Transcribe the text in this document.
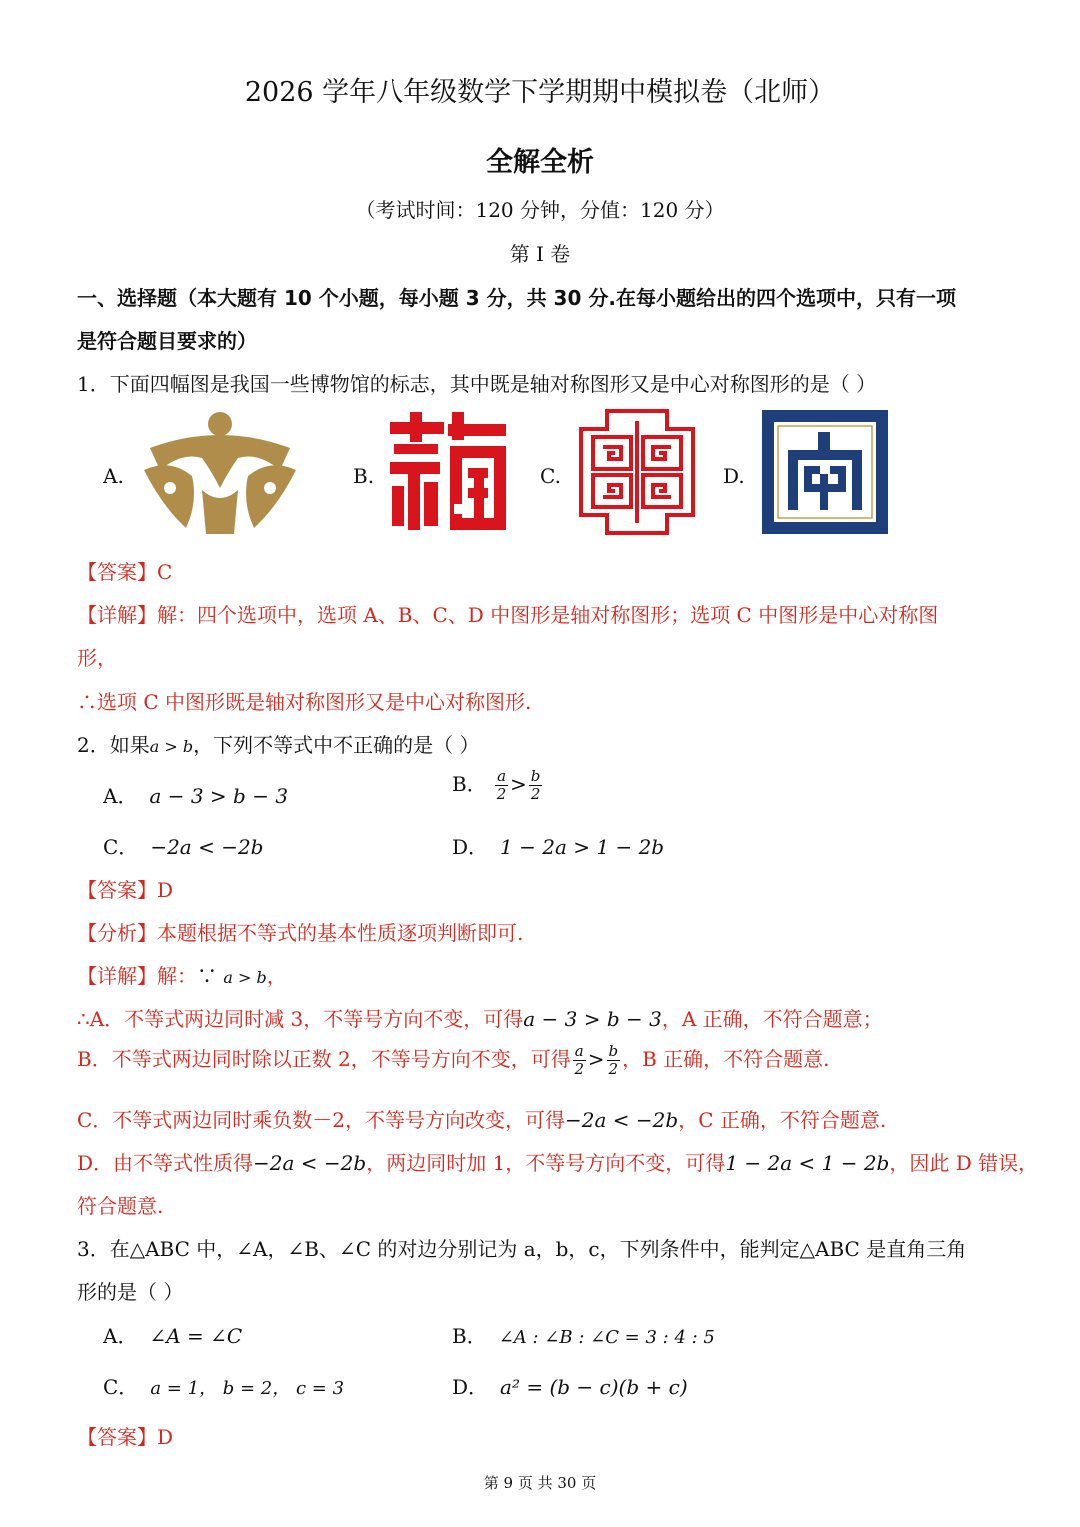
2026 学年八年级数学下学期期中模拟卷（北师）
全解全析
（考试时间：120 分钟，分值：120 分）
第 I 卷
一、选择题（本大题有 10 个小题，每小题 3 分，共 30 分.在每小题给出的四个选项中，只有一项
是符合题目要求的）
1．下面四幅图是我国一些博物馆的标志，其中既是轴对称图形又是中心对称图形的是（ ）
A.	B.	C.	D.
【答案】C
【详解】解：四个选项中，选项 A、B、C、D 中图形是轴对称图形；选项 C 中图形是中心对称图
形，
∴选项 C 中图形既是轴对称图形又是中心对称图形.
2．如果a > b，下列不等式中不正确的是（ ）
A． a − 3 > b − 3	B． $\frac{a}{2} > \frac{b}{2}$
C． −2a < −2b	D． 1 − 2a > 1 − 2b
【答案】D
【分析】本题根据不等式的基本性质逐项判断即可.
【详解】解：∵ a > b，
∴A．不等式两边同时减 3，不等号方向不变，可得a − 3 > b − 3，A 正确，不符合题意；
B．不等式两边同时除以正数 2，不等号方向不变，可得 $\frac{a}{2} > \frac{b}{2}$ ，B 正确，不符合题意.
C．不等式两边同时乘负数－2，不等号方向改变，可得−2a < −2b，C 正确，不符合题意.
D．由不等式性质得−2a < −2b，两边同时加 1，不等号方向不变，可得1 − 2a < 1 − 2b，因此 D 错误，
符合题意.
3．在△ABC 中，∠A，∠B、∠C 的对边分别记为 a，b，c，下列条件中，能判定△ABC 是直角三角
形的是（ ）
A． ∠A = ∠C	B． ∠A : ∠B : ∠C = 3 : 4 : 5
C． a = 1， b = 2， c = 3	D． a² = (b − c)(b + c)
【答案】D
第 9 页 共 30 页
